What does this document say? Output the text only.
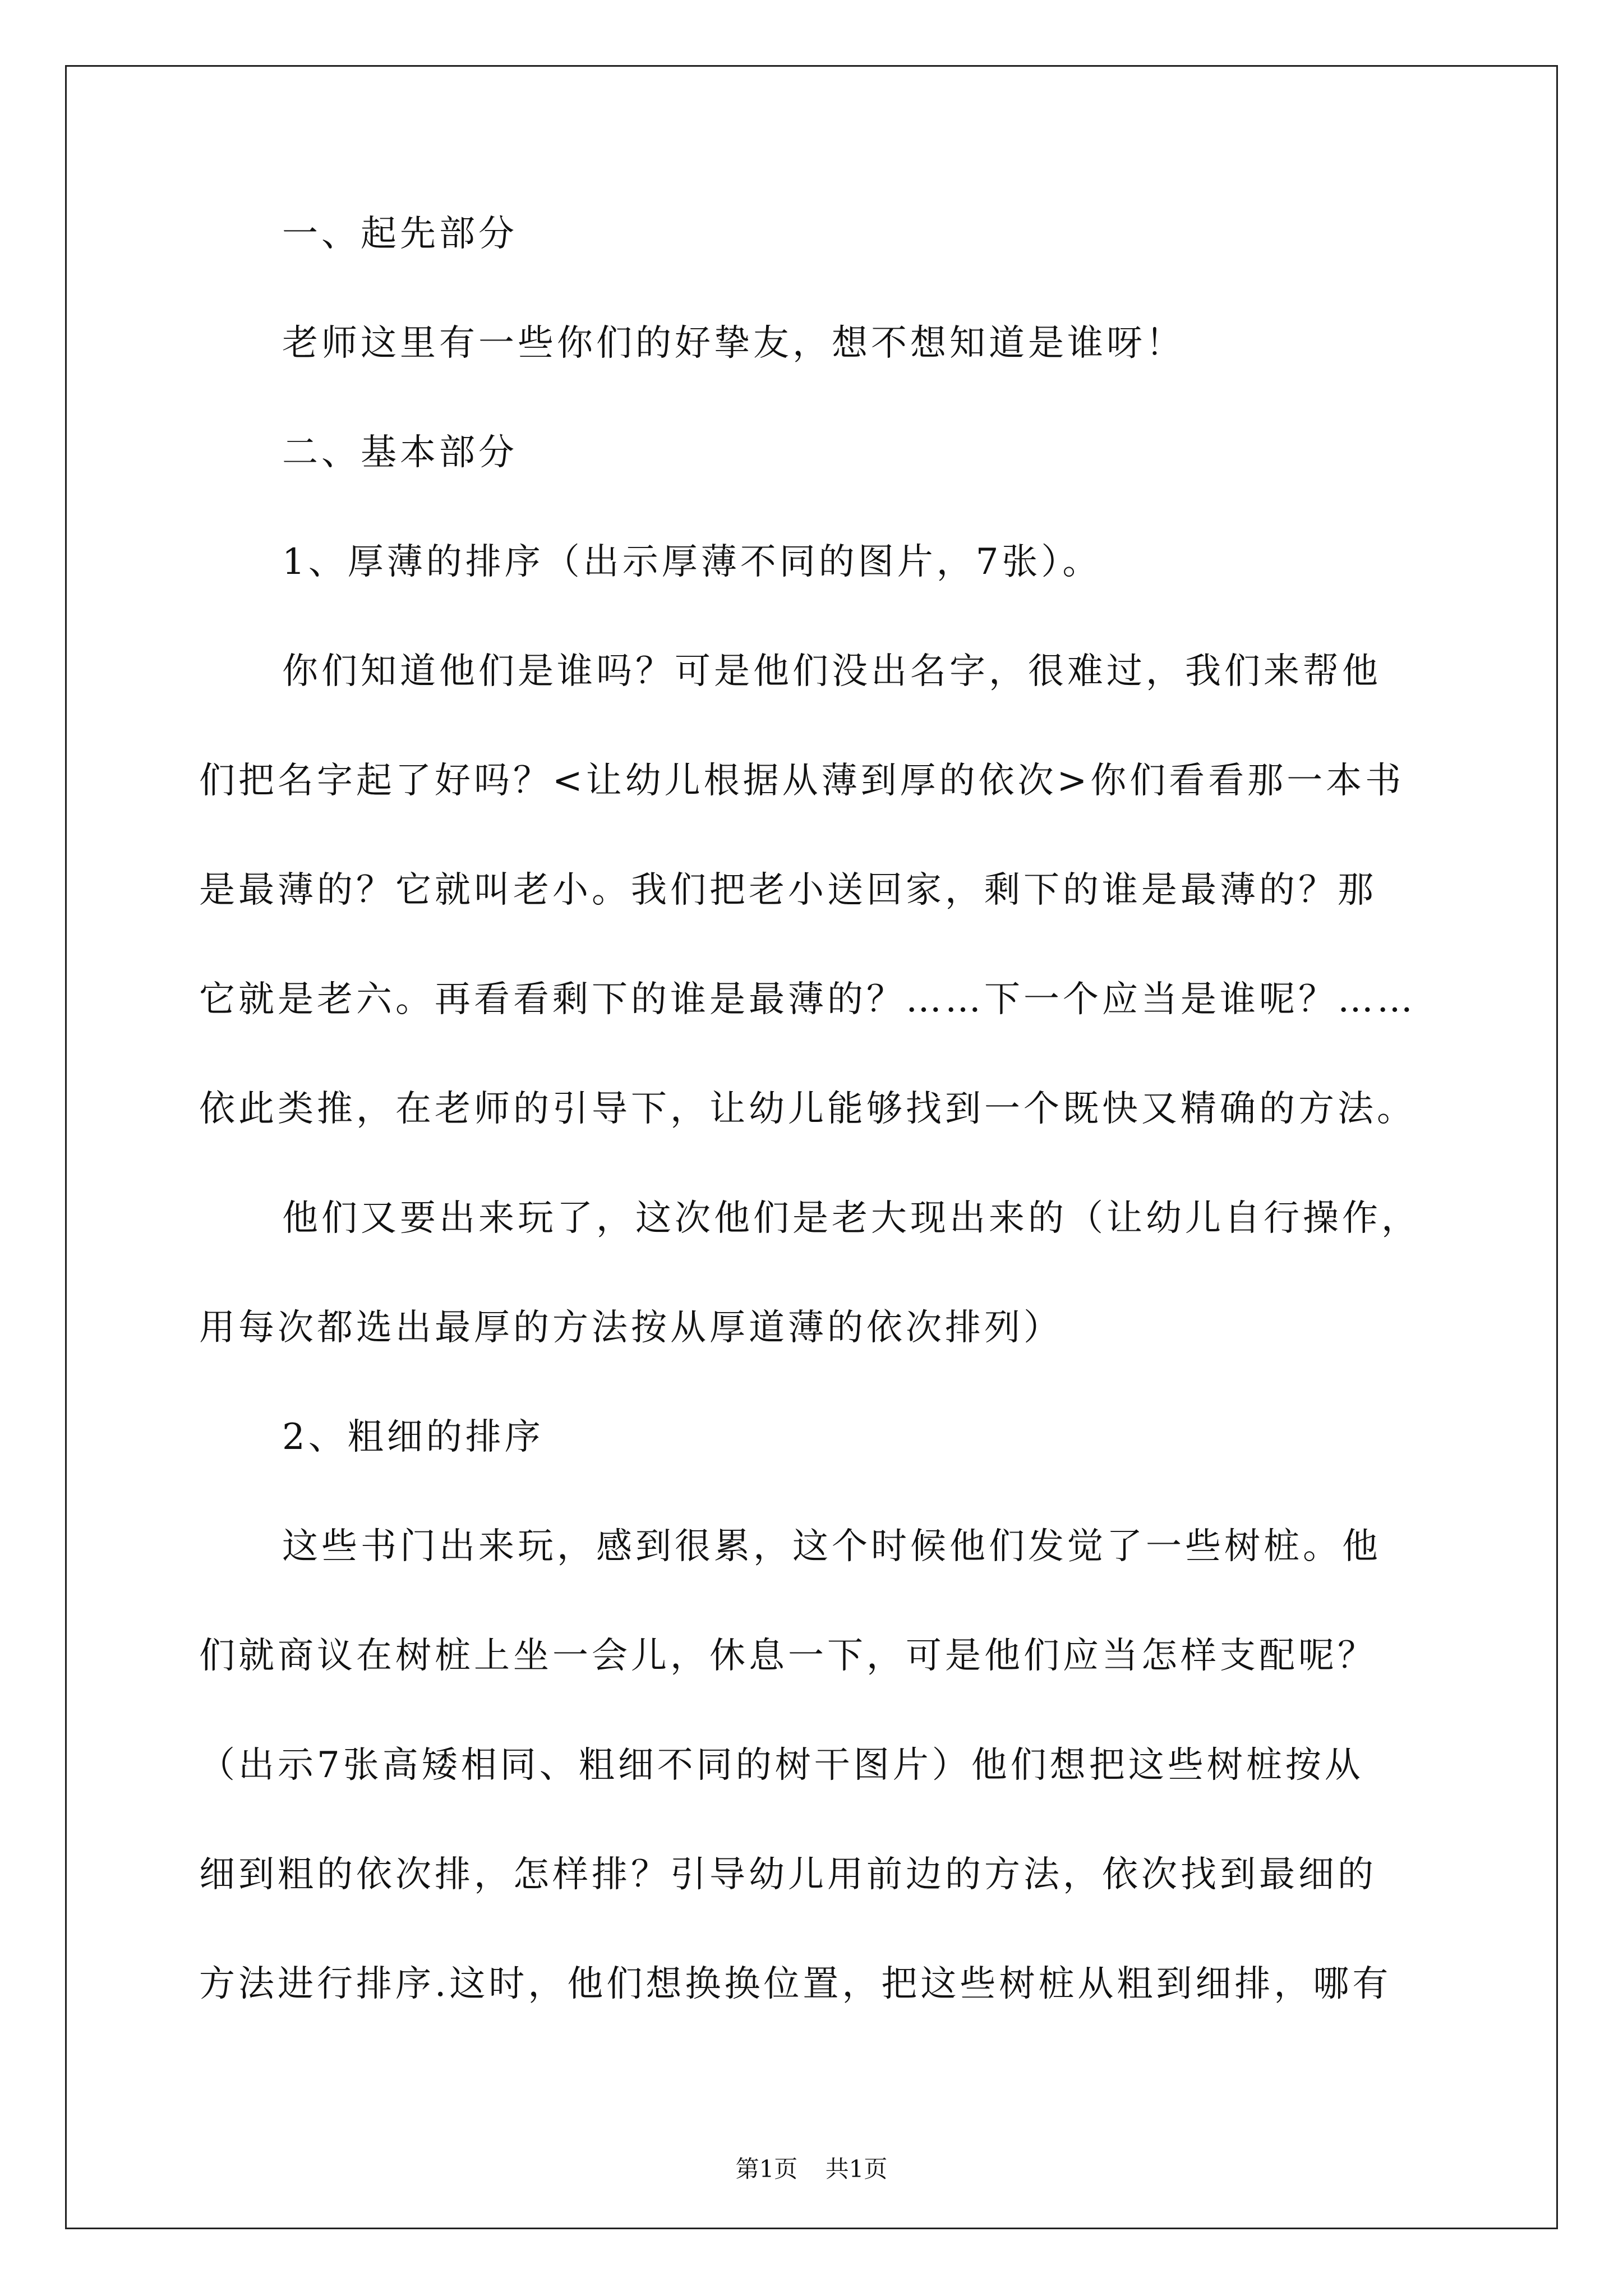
一、起先部分
老师这里有一些你们的好挚友，想不想知道是谁呀！
二、基本部分
1、厚薄的排序（出示厚薄不同的图片，7张）。
你们知道他们是谁吗？可是他们没出名字，很难过，我们来帮他
们把名字起了好吗？<让幼儿根据从薄到厚的依次>你们看看那一本书
是最薄的？它就叫老小。我们把老小送回家，剩下的谁是最薄的？那
它就是老六。再看看剩下的谁是最薄的？……下一个应当是谁呢？……
依此类推，在老师的引导下，让幼儿能够找到一个既快又精确的方法。
他们又要出来玩了，这次他们是老大现出来的（让幼儿自行操作，
用每次都选出最厚的方法按从厚道薄的依次排列）
2、粗细的排序
这些书门出来玩，感到很累，这个时候他们发觉了一些树桩。他
们就商议在树桩上坐一会儿，休息一下，可是他们应当怎样支配呢？
（出示7张高矮相同、粗细不同的树干图片）他们想把这些树桩按从
细到粗的依次排，怎样排？引导幼儿用前边的方法，依次找到最细的
方法进行排序.这时，他们想换换位置，把这些树桩从粗到细排，哪有
第1页 共1页
